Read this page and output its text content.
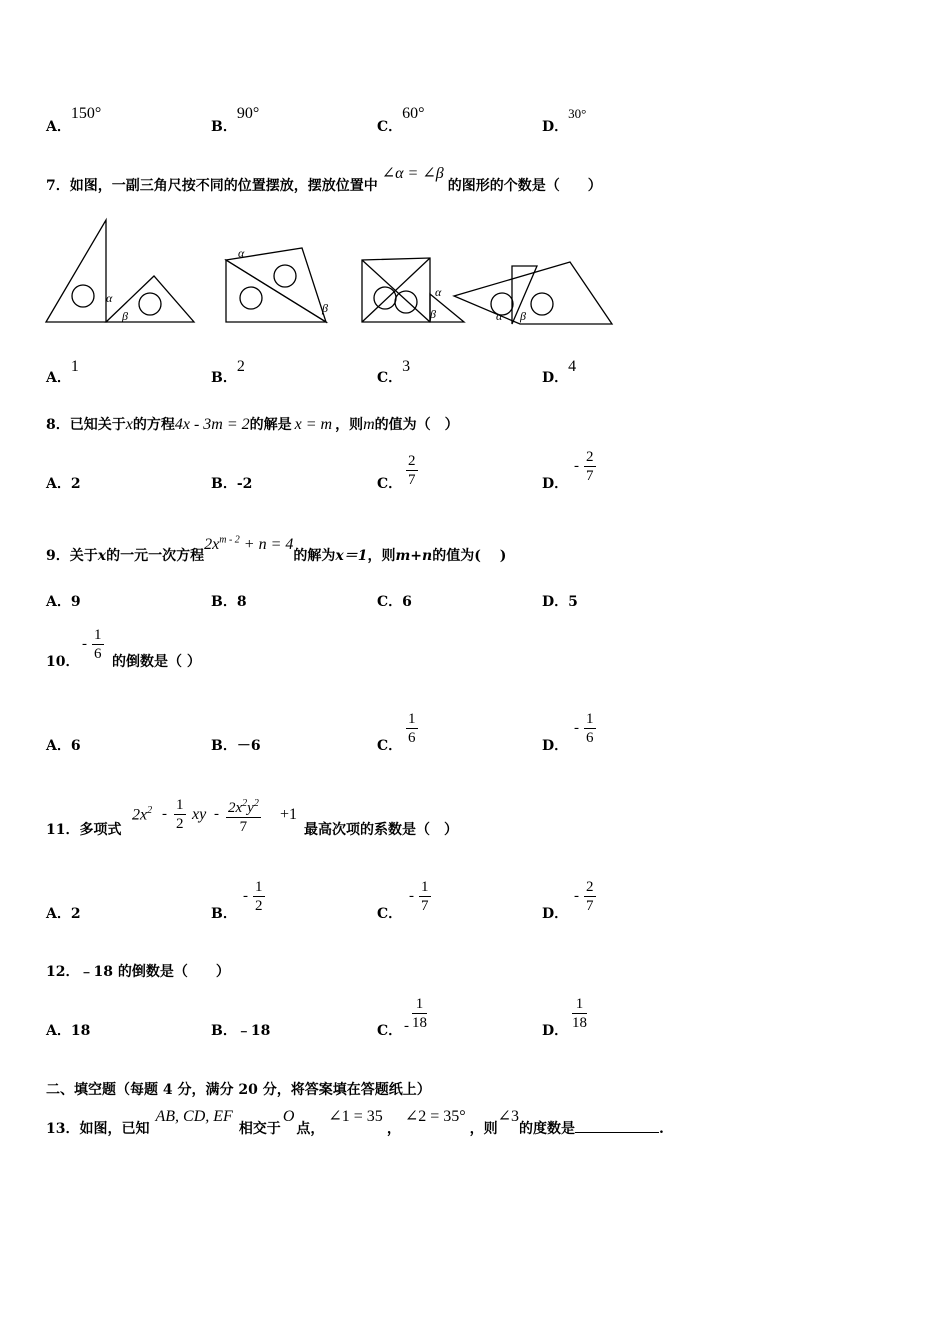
A．150°
B．90°
C．60°
D．30°
7．如图，一副三角尺按不同的位置摆放，摆放位置中∠α = ∠β的图形的个数是（　　）
α
β
α
β
α
β	α β
A．1
B．2
C．3
D．4
8．已知关于x的方程4x - 3m = 2的解是 x = m ，则m的值为（　）
A．2	B．-2	C． $\frac{2}{7}$	D．
- $\frac{2}{7}$
9．关于x的一元一次方程$2x^{m - 2} + n = 4$的解为x＝1，则m+n的值为(　 )
A．9	B．8	C．6	D．5
10．
- $\frac{1}{6}$ 的倒数是（ ）
A．6	B．－6	C． $\frac{1}{6}$	D．
- $\frac{1}{6}$
11．多项式
$2x^2 - \frac{1}{2}$ xy - $\frac{2x^2y^2}{7} +1$
最高次项的系数是（　）
A．2	B．
- $\frac{1}{2}$	C．
- $\frac{1}{7}$	D．
- $\frac{2}{7}$
12．﹣18 的倒数是（　　）
A．18	B．﹣18	C． - $\frac{1}{18}$	D． $\frac{1}{18}$
二、填空题（每题 4 分，满分 20 分，将答案填在答题纸上）
13．如图，已知AB, CD, EF相交于O点，∠1 = 35，∠2 = 35°，则∠3的度数是	.
